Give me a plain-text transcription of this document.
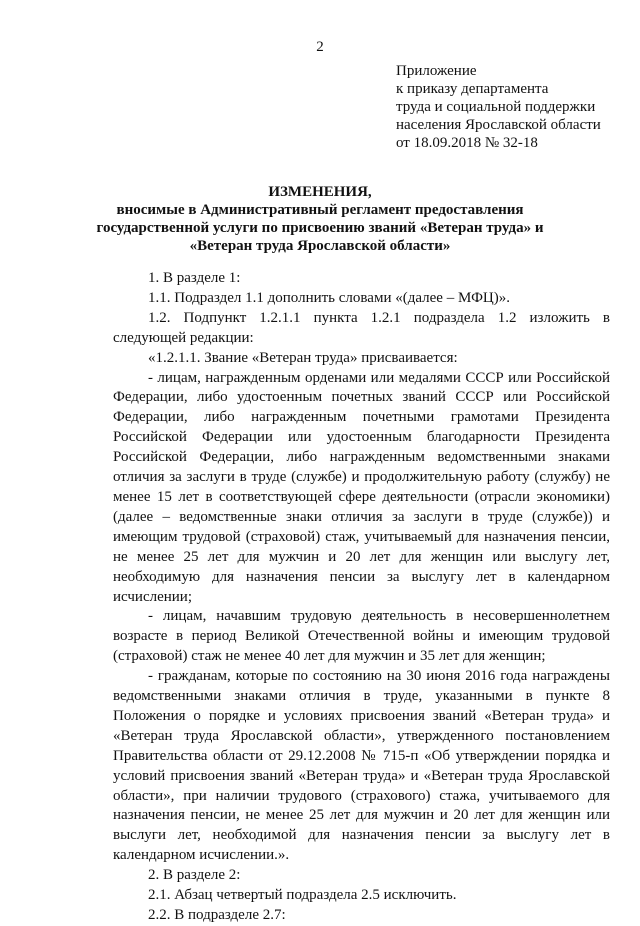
2
Приложение
к приказу департамента
труда и социальной поддержки
населения Ярославской области
от 18.09.2018 № 32-18
ИЗМЕНЕНИЯ,
вносимые в Административный регламент предоставления
государственной услуги по присвоению званий «Ветеран труда» и
«Ветеран труда Ярославской области»

1. В разделе 1:

1.1. Подраздел 1.1 дополнить словами «(далее – МФЦ)».

1.2. Подпункт 1.2.1.1 пункта 1.2.1 подраздела 1.2 изложить в следующей редакции:

«1.2.1.1. Звание «Ветеран труда» присваивается:

- лицам, награжденным орденами или медалями СССР или Российской Федерации, либо удостоенным почетных званий СССР или Российской Федерации, либо награжденным почетными грамотами Президента Российской Федерации или удостоенным благодарности Президента Российской Федерации, либо награжденным ведомственными знаками отличия за заслуги в труде (службе) и продолжительную работу (службу) не менее 15 лет в соответствующей сфере деятельности (отрасли экономики) (далее – ведомственные знаки отличия за заслуги в труде (службе)) и имеющим трудовой (страховой) стаж, учитываемый для назначения пенсии, не менее 25 лет для мужчин и 20 лет для женщин или выслугу лет, необходимую для назначения пенсии за выслугу лет в календарном исчислении;

- лицам, начавшим трудовую деятельность в несовершеннолетнем возрасте в период Великой Отечественной войны и имеющим трудовой (страховой) стаж не менее 40 лет для мужчин и 35 лет для женщин;

- гражданам, которые по состоянию на 30 июня 2016 года награждены ведомственными знаками отличия в труде, указанными в пункте 8 Положения о порядке и условиях присвоения званий «Ветеран труда» и «Ветеран труда Ярославской области», утвержденного постановлением Правительства области от 29.12.2008 № 715-п «Об утверждении порядка и условий присвоения званий «Ветеран труда» и «Ветеран труда Ярославской области», при наличии трудового (страхового) стажа, учитываемого для назначения пенсии, не менее 25 лет для мужчин и 20 лет для женщин или выслуги лет, необходимой для назначения пенсии за выслугу лет в календарном исчислении.».

2. В разделе 2:

2.1. Абзац четвертый подраздела 2.5 исключить.

2.2. В подразделе 2.7:
